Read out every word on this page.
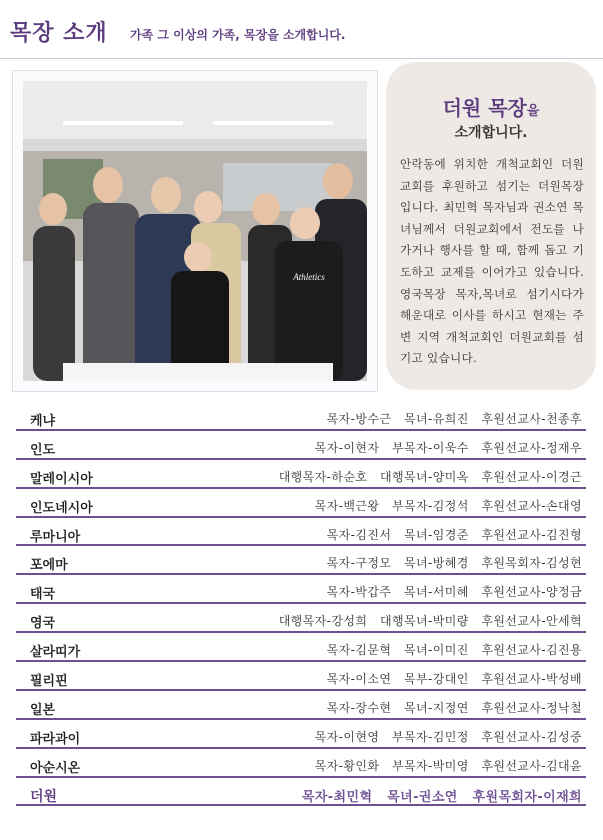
목장 소개 가족 그 이상의 가족, 목장을 소개합니다.
Athletics
더원 목장을
소개합니다.
안락동에 위치한 개척교회인 더원교회를 후원하고 섬기는 더원목장입니다. 최민혁 목자님과 권소연 목녀님께서 더원교회에서 전도를 나가거나 행사를 할 때, 함께 돕고 기도하고 교제를 이어가고 있습니다. 영국목장 목자,목녀로 섬기시다가 해운대로 이사를 하시고 현재는 주변 지역 개척교회인 더원교회를 섬기고 있습니다.
케냐	목자-방수근   목녀-유희진   후원선교사-천종후
인도	목자-이현자   부목자-이욱수   후원선교사-정재우
말레이시아	대행목자-하순호   대행목녀-양미옥   후원선교사-이경근
인도네시아	목자-백근왕   부목자-김정석   후원선교사-손대영
루마니아	목자-김진서   목녀-임경준   후원선교사-김진형
포에마	목자-구정모   목녀-방혜경   후원목회자-김성현
태국	목자-박갑주   목녀-서미혜   후원선교사-양정금
영국	대행목자-강성희   대행목녀-박미량   후원선교사-안세혁
살라띠가	목자-김문혁   목녀-이미진   후원선교사-김진용
필리핀	목자-이소연   목부-강대인   후원선교사-박성배
일본	목자-장수현   목녀-지정연   후원선교사-정낙철
파라과이	목자-이현영   부목자-김민정   후원선교사-김성중
아순시온	목자-황인화   부목자-박미영   후원선교사-김대윤
더원	목자-최민혁   목녀-권소연   후원목회자-이재희
